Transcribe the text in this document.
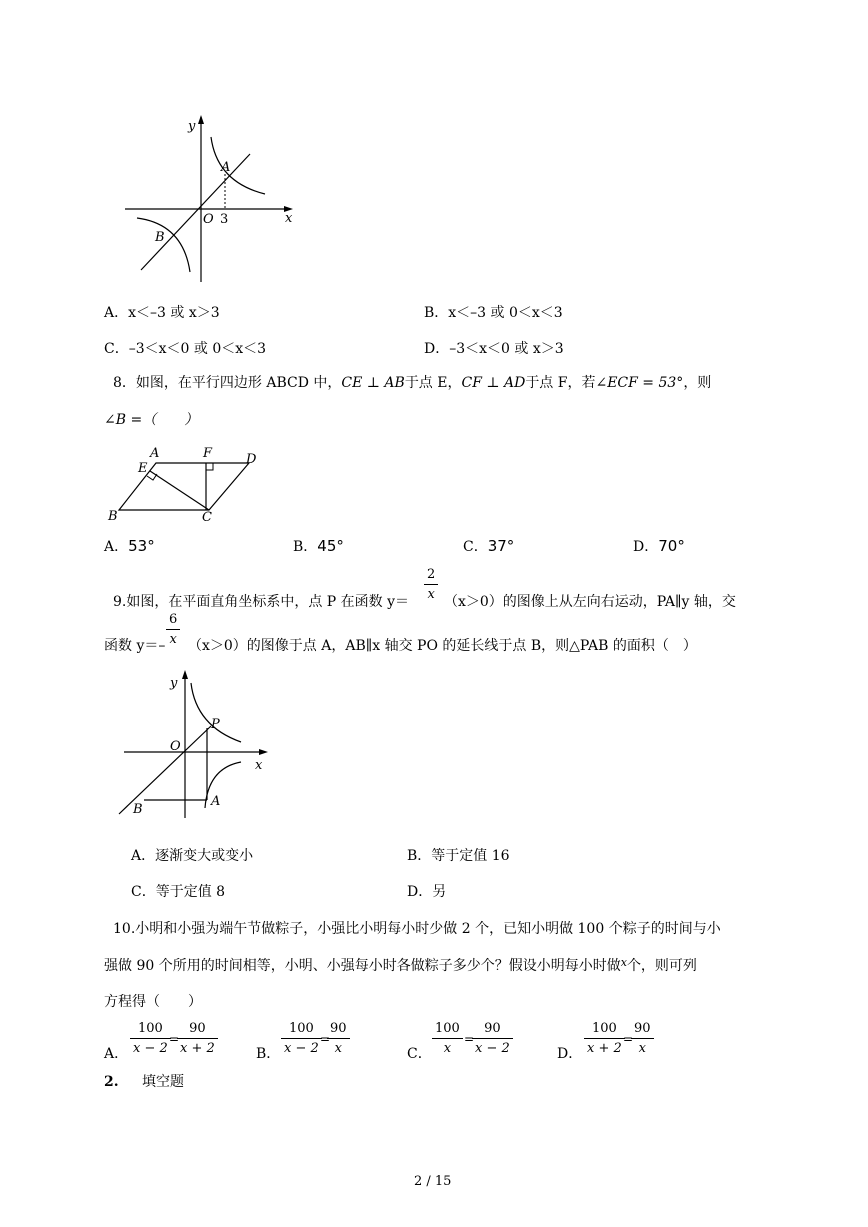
y
x
O 3
A
B
A．x＜–3 或 x＞3	B．x＜–3 或 0＜x＜3
C．–3＜x＜0 或 0＜x＜3	D．–3＜x＜0 或 x＞3
8．如图，在平行四边形 ABCD 中，CE ⊥ AB于点 E，CF ⊥ AD于点 F，若∠ECF = 53°，则
∠B =（　　）
A	F	D
E
B	C
A．53°	B．45°	C．37°	D．70°
9.如图，在平面直角坐标系中，点 P 在函数 y＝
$\frac{2}{x}$
（x＞0）的图像上从左向右运动，PA∥y 轴，交
函数 $y=- \frac{6}{x} (x>0)$的图像于点 A，AB∥x 轴交 PO 的延长线于点 B，则△PAB 的面积（　）
y
x
O
P
A
B
A．逐渐变大或变小	B．等于定值 16
C．等于定值 8	D．另
10.小明和小强为端午节做粽子，小强比小明每小时少做 2 个，已知小明做 100 个粽子的时间与小
强做 90 个所用的时间相等，小明、小强每小时各做粽子多少个？假设小明每小时做$^x$个，则可列
方程得（　　）
A． $\frac{100}{x - 2}$
=
$\frac{90}{x + 2}$	B． $\frac{100}{x - 2}$
=
$\frac{90}{x}$	C． $\frac{100}{x}$ =
$\frac{90}{x - 2}$	D． $\frac{100}{x + 2}$
=
$\frac{90}{x}$
2. 填空题
2 / 15
